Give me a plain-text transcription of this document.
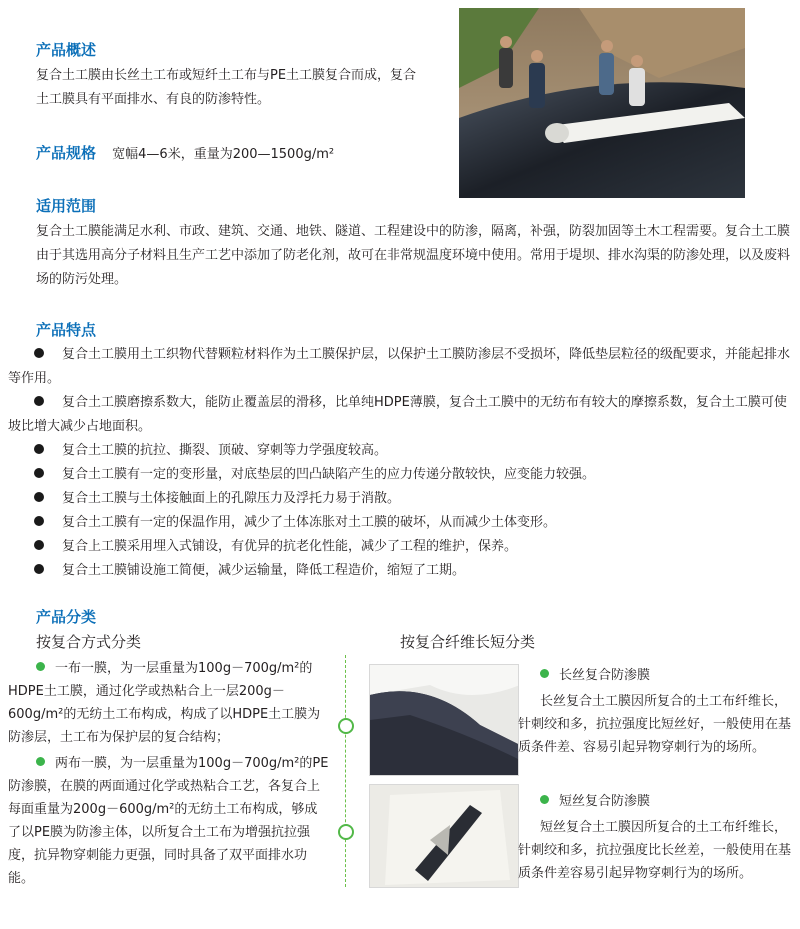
产品概述
复合土工膜由长丝土工布或短纤土工布与PE土工膜复合而成，复合土工膜具有平面排水、有良的防渗特性。
产品规格 宽幅4—6米，重量为200—1500g/m²
适用范围
复合土工膜能满足水利、市政、建筑、交通、地铁、隧道、工程建设中的防渗，隔离，补强，防裂加固等土木工程需要。复合土工膜由于其选用高分子材料且生产工艺中添加了防老化剂，故可在非常规温度环境中使用。常用于堤坝、排水沟渠的防渗处理，以及废料场的防污处理。
产品特点
复合土工膜用土工织物代替颗粒材料作为土工膜保护层，以保护土工膜防渗层不受损坏，降低垫层粒径的级配要求，并能起排水等作用。
复合土工膜磨擦系数大，能防止覆盖层的滑移，比单纯HDPE薄膜，复合土工膜中的无纺布有较大的摩擦系数，复合土工膜可使坡比增大减少占地面积。
复合土工膜的抗拉、撕裂、顶破、穿刺等力学强度较高。
复合土工膜有一定的变形量，对底垫层的凹凸缺陷产生的应力传递分散较快，应变能力较强。
复合土工膜与土体接触面上的孔隙压力及浮托力易于消散。
复合土工膜有一定的保温作用，减少了土体冻胀对土工膜的破坏，从而减少土体变形。
复合上工膜采用埋入式铺设，有优异的抗老化性能，减少了工程的维护，保养。
复合土工膜铺设施工简便，减少运输量，降低工程造价，缩短了工期。
产品分类
按复合方式分类	按复合纤维长短分类
一布一膜，为一层重量为100g－700g/m²的HDPE土工膜，通过化学或热粘合上一层200g－600g/m²的无纺土工布构成，构成了以HDPE土工膜为防渗层，土工布为保护层的复合结构；
两布一膜，为一层重量为100g－700g/m²的PE防渗膜，在膜的两面通过化学或热粘合工艺，各复合上每面重量为200g－600g/m²的无纺土工布构成，够成了以PE膜为防渗主体，以所复合土工布为增强抗拉强度，抗异物穿刺能力更强，同时具备了双平面排水功能。
长丝复合防渗膜
长丝复合土工膜因所复合的土工布纤维长，针刺绞和多，抗拉强度比短丝好，一般使用在基质条件差、容易引起异物穿刺行为的场所。
短丝复合防渗膜
短丝复合土工膜因所复合的土工布纤维长，针刺绞和多，抗拉强度比长丝差，一般使用在基质条件差容易引起异物穿刺行为的场所。
